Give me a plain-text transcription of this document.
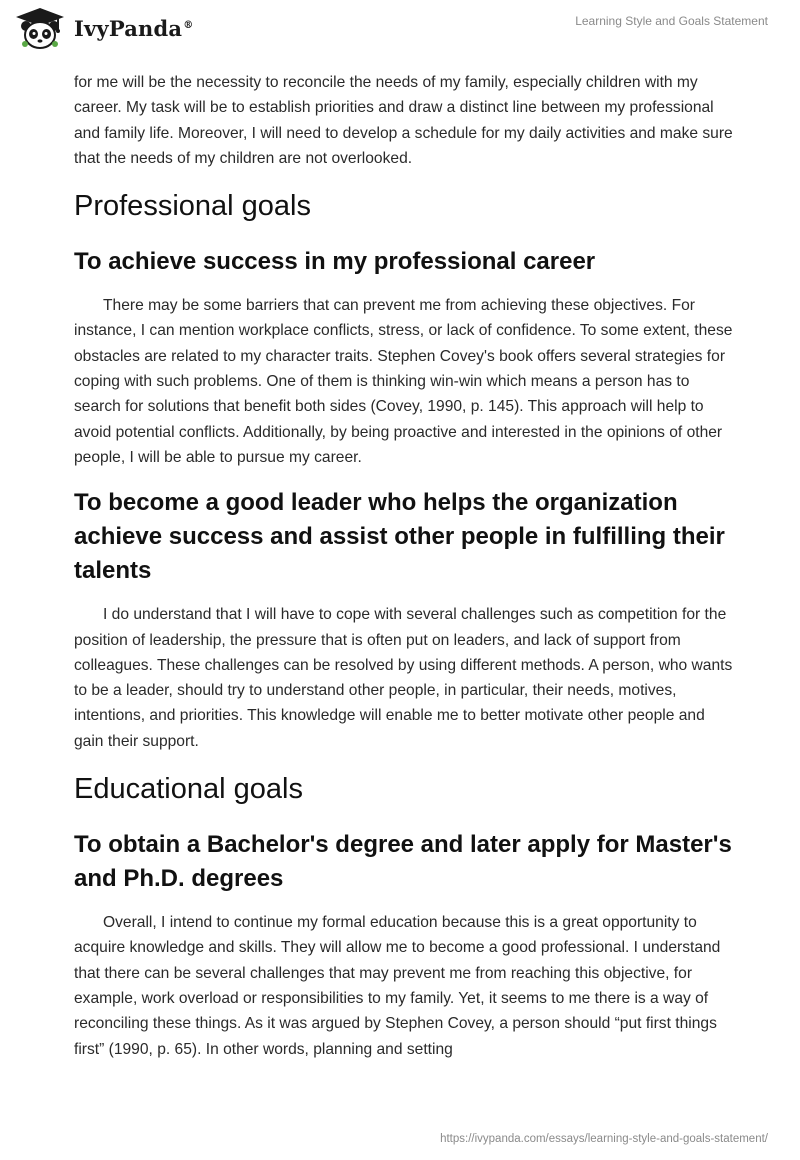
IvyPanda®	Learning Style and Goals Statement

for me will be the necessity to reconcile the needs of my family, especially children with my career. My task will be to establish priorities and draw a distinct line between my professional and family life. Moreover, I will need to develop a schedule for my daily activities and make sure that the needs of my children are not overlooked.

Professional goals
To achieve success in my professional career

There may be some barriers that can prevent me from achieving these objectives. For instance, I can mention workplace conflicts, stress, or lack of confidence. To some extent, these obstacles are related to my character traits. Stephen Covey's book offers several strategies for coping with such problems. One of them is thinking win-win which means a person has to search for solutions that benefit both sides (Covey, 1990, p. 145). This approach will help to avoid potential conflicts. Additionally, by being proactive and interested in the opinions of other people, I will be able to pursue my career.

To become a good leader who helps the organization achieve success and assist other people in fulfilling their talents

I do understand that I will have to cope with several challenges such as competition for the position of leadership, the pressure that is often put on leaders, and lack of support from colleagues. These challenges can be resolved by using different methods. A person, who wants to be a leader, should try to understand other people, in particular, their needs, motives, intentions, and priorities. This knowledge will enable me to better motivate other people and gain their support.

Educational goals
To obtain a Bachelor's degree and later apply for Master's and Ph.D. degrees

Overall, I intend to continue my formal education because this is a great opportunity to acquire knowledge and skills. They will allow me to become a good professional. I understand that there can be several challenges that may prevent me from reaching this objective, for example, work overload or responsibilities to my family. Yet, it seems to me there is a way of reconciling these things. As it was argued by Stephen Covey, a person should “put first things first” (1990, p. 65). In other words, planning and setting

https://ivypanda.com/essays/learning-style-and-goals-statement/
